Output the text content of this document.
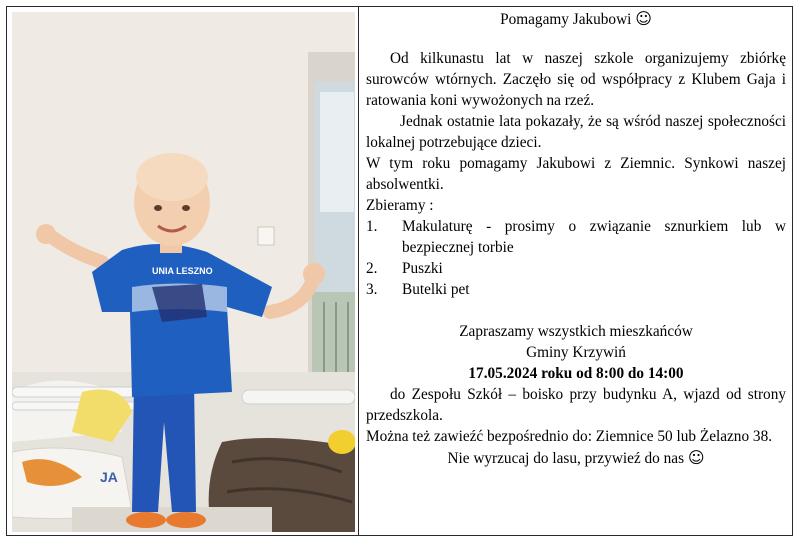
JA
UNIA LESZNO

Pomagamy Jakubowi ☺

Od kilkunastu lat w naszej szkole organizujemy zbiórkę surowców wtórnych. Zaczęło się od współpracy z Klubem Gaja i ratowania koni wywożonych na rzeź.

Jednak ostatnie lata pokazały, że są wśród naszej społeczności lokalnej potrzebujące dzieci.

W tym roku pomagamy Jakubowi z Ziemnic. Synkowi naszej absolwentki.

Zbieramy :

1.	Makulaturę - prosimy o związanie sznurkiem lub w bezpiecznej torbie
2.	Puszki
3.	Butelki pet

Zapraszamy wszystkich mieszkańców

Gminy Krzywiń

17.05.2024 roku od 8:00 do 14:00

do Zespołu Szkół – boisko przy budynku A, wjazd od strony przedszkola.

Można też zawieźć bezpośrednio do: Ziemnice 50 lub Żelazno 38.

Nie wyrzucaj do lasu, przywieź do nas ☺
